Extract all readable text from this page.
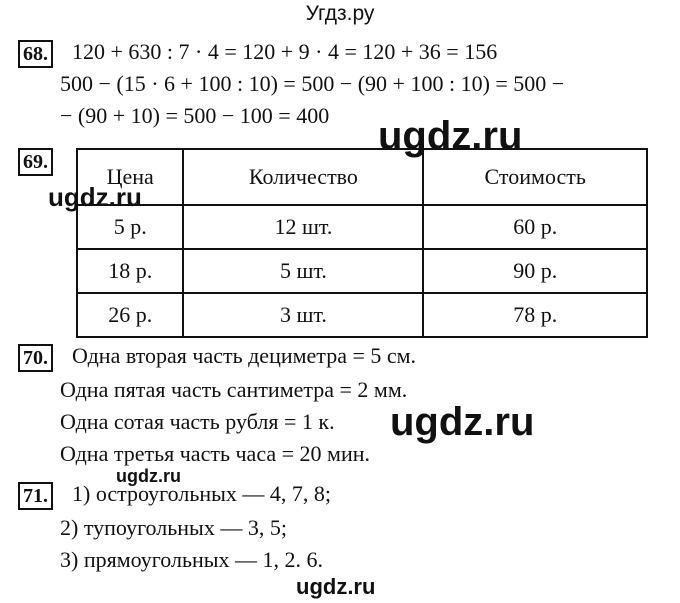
Угдз.ру
68. 120 + 630 : 7 · 4 = 120 + 9 · 4 = 120 + 36 = 156
500 − (15 · 6 + 100 : 10) = 500 − (90 + 100 : 10) = 500 −
− (90 + 10) = 500 − 100 = 400
69.
Цена	Количество	Стоимость
5 р.	12 шт.	60 р.
18 р.	5 шт.	90 р.
26 р.	3 шт.	78 р.
70. Одна вторая часть дециметра = 5 см.
Одна пятая часть сантиметра = 2 мм.
Одна сотая часть рубля = 1 к.
Одна третья часть часа = 20 мин.
71. 1) остроугольных — 4, 7, 8;
2) тупоугольных — 3, 5;
3) прямоугольных — 1, 2. 6.
ugdz.ru
ugdz.ru
ugdz.ru
ugdz.ru
ugdz.ru
